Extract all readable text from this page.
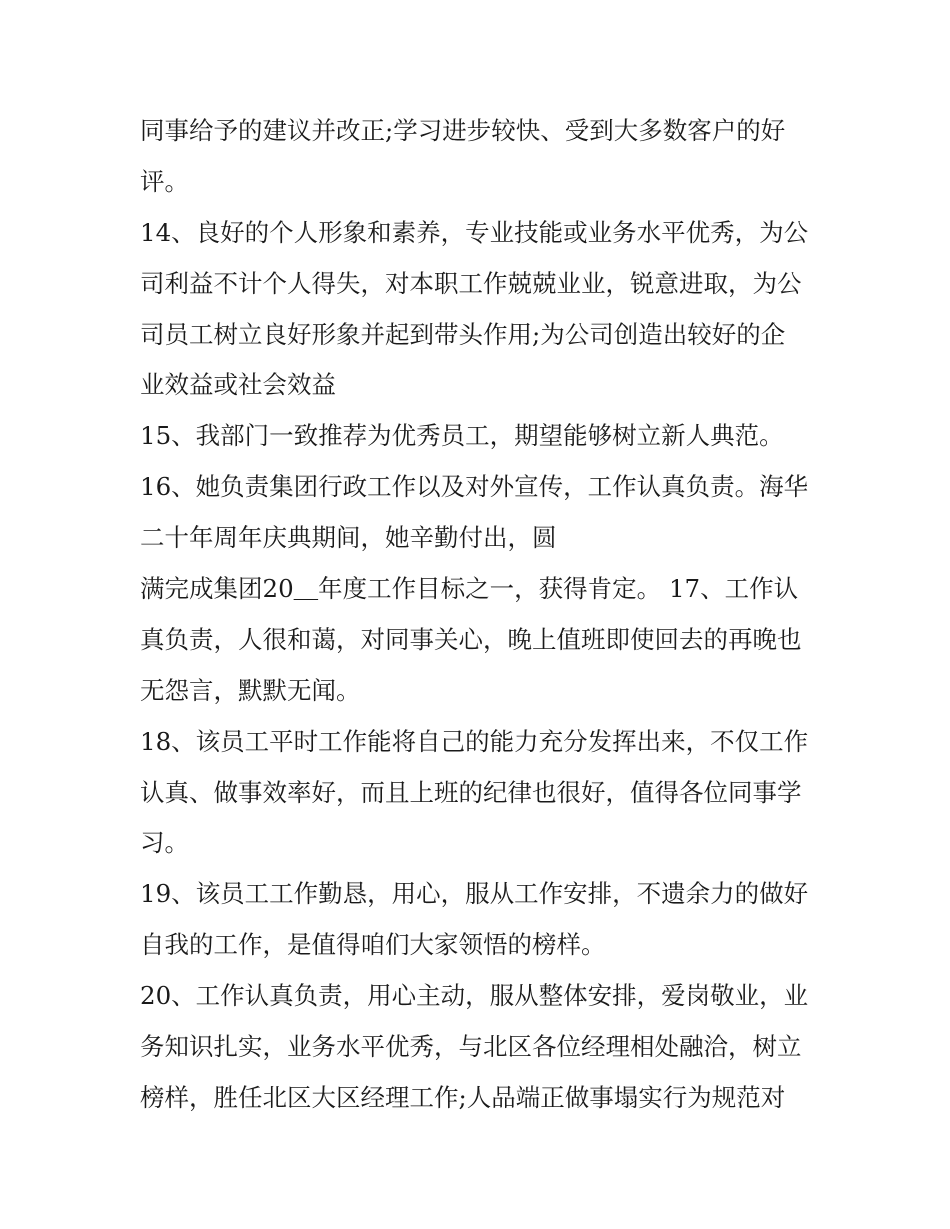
同事给予的建议并改正;学习进步较快、受到大多数客户的好
评。
14、良好的个人形象和素养，专业技能或业务水平优秀，为公
司利益不计个人得失，对本职工作兢兢业业，锐意进取，为公
司员工树立良好形象并起到带头作用;为公司创造出较好的企
业效益或社会效益
15、我部门一致推荐为优秀员工，期望能够树立新人典范。
16、她负责集团行政工作以及对外宣传，工作认真负责。海华
二十年周年庆典期间，她辛勤付出，圆
满完成集团20＿年度工作目标之一，获得肯定。 17、工作认
真负责，人很和蔼，对同事关心，晚上值班即使回去的再晚也
无怨言，默默无闻。
18、该员工平时工作能将自己的能力充分发挥出来，不仅工作
认真、做事效率好，而且上班的纪律也很好，值得各位同事学
习。
19、该员工工作勤恳，用心，服从工作安排，不遗余力的做好
自我的工作，是值得咱们大家领悟的榜样。
20、工作认真负责，用心主动，服从整体安排，爱岗敬业，业
务知识扎实，业务水平优秀，与北区各位经理相处融洽，树立
榜样，胜任北区大区经理工作;人品端正做事塌实行为规范对
